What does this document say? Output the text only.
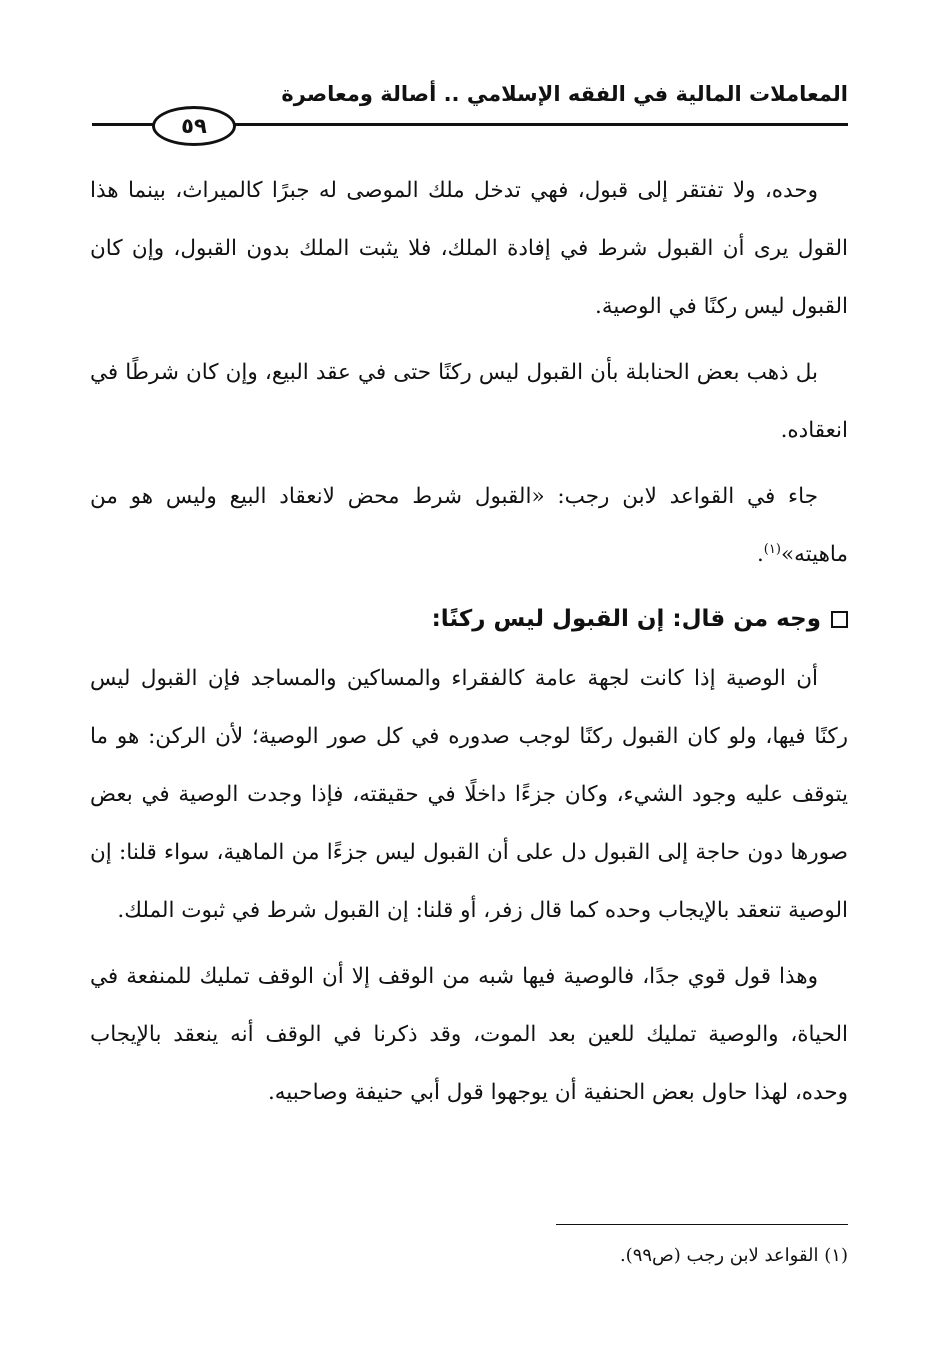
المعاملات المالية في الفقه الإسلامي .. أصالة ومعاصرة
٥٩

وحده، ولا تفتقر إلى قبول، فهي تدخل ملك الموصى له جبرًا كالميراث، بينما هذا القول يرى أن القبول شرط في إفادة الملك، فلا يثبت الملك بدون القبول، وإن كان القبول ليس ركنًا في الوصية.

بل ذهب بعض الحنابلة بأن القبول ليس ركنًا حتى في عقد البيع، وإن كان شرطًا في انعقاده.

جاء في القواعد لابن رجب: «القبول شرط محض لانعقاد البيع وليس هو من ماهيته»$^{(١)}$.

وجه من قال: إن القبول ليس ركنًا:

أن الوصية إذا كانت لجهة عامة كالفقراء والمساكين والمساجد فإن القبول ليس ركنًا فيها، ولو كان القبول ركنًا لوجب صدوره في كل صور الوصية؛ لأن الركن: هو ما يتوقف عليه وجود الشيء، وكان جزءًا داخلًا في حقيقته، فإذا وجدت الوصية في بعض صورها دون حاجة إلى القبول دل على أن القبول ليس جزءًا من الماهية، سواء قلنا: إن الوصية تنعقد بالإيجاب وحده كما قال زفر، أو قلنا: إن القبول شرط في ثبوت الملك.

وهذا قول قوي جدًا، فالوصية فيها شبه من الوقف إلا أن الوقف تمليك للمنفعة في الحياة، والوصية تمليك للعين بعد الموت، وقد ذكرنا في الوقف أنه ينعقد بالإيجاب وحده، لهذا حاول بعض الحنفية أن يوجهوا قول أبي حنيفة وصاحبيه.

(١) القواعد لابن رجب (ص٩٩).
